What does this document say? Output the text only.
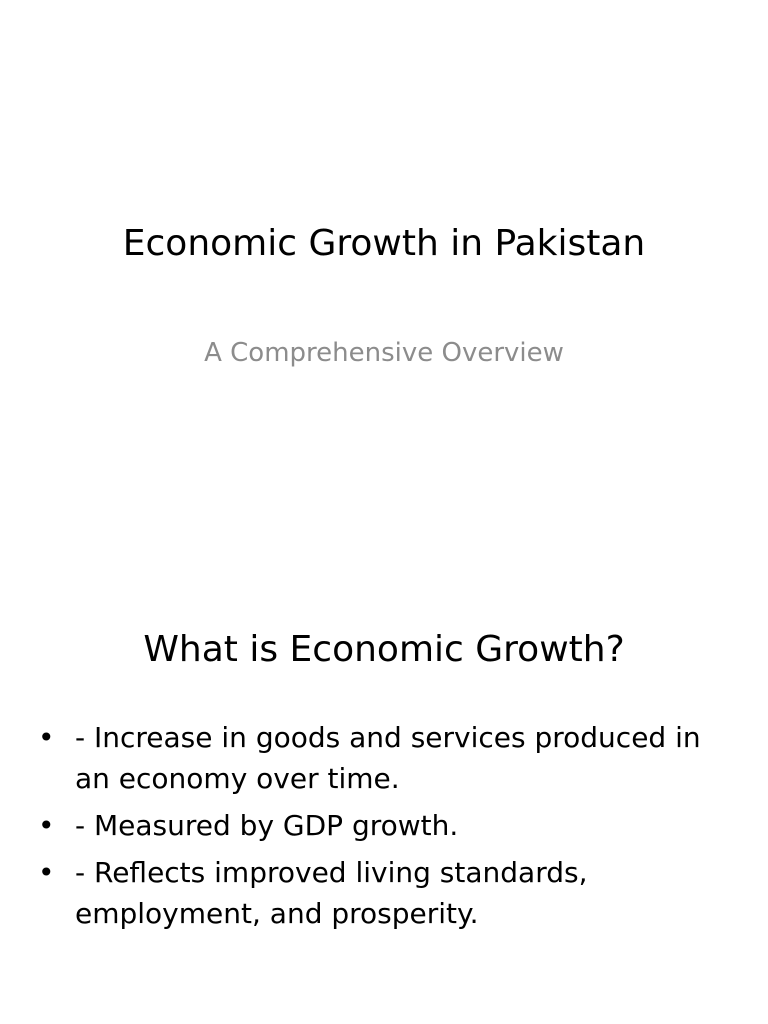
Economic Growth in Pakistan

A Comprehensive Overview

What is Economic Growth?
• - Increase in goods and services produced in an economy over time.
• - Measured by GDP growth.
• - Reflects improved living standards, employment, and prosperity.
